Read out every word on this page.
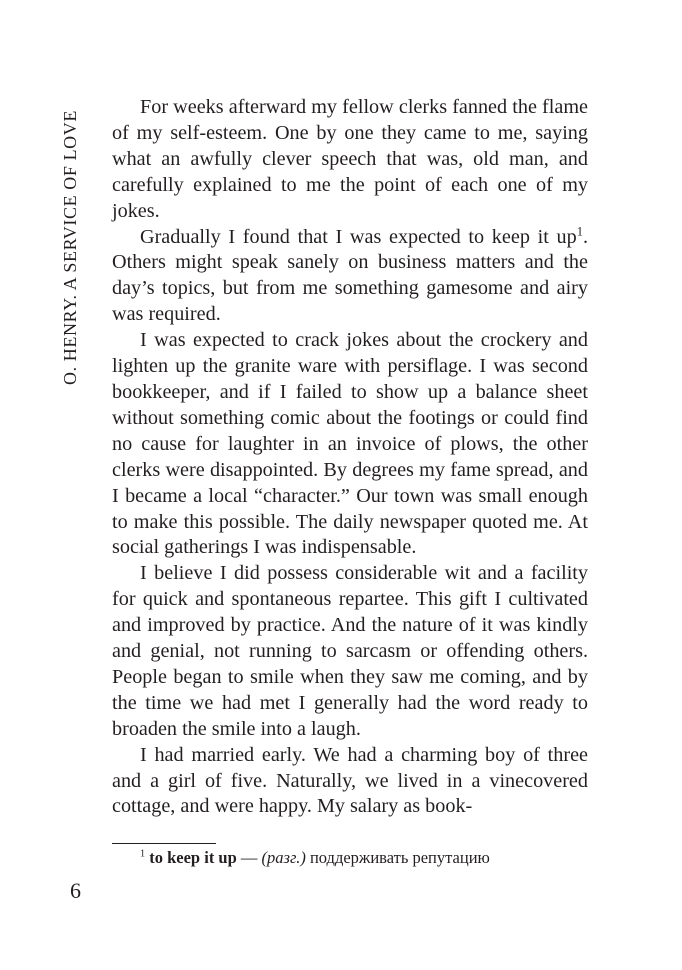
O. HENRY. A SERVICE OF LOVE

For weeks afterward my fellow clerks fanned the flame of my self-esteem. One by one they came to me, saying what an awfully clever speech that was, old man, and carefully explained to me the point of each one of my jokes.

Gradually I found that I was expected to keep it $up^1$. Others might speak sanely on business matters and the day’s topics, but from me something gamesome and airy was required.

I was expected to crack jokes about the crockery and lighten up the granite ware with persiflage. I was second bookkeeper, and if I failed to show up a balance sheet without something comic about the footings or could find no cause for laughter in an invoice of plows, the other clerks were disappointed. By degrees my fame spread, and I became a local “character.” Our town was small enough to make this possible. The daily newspaper quoted me. At social gatherings I was indispensable.

I believe I did possess considerable wit and a facility for quick and spontaneous repartee. This gift I cultivated and improved by practice. And the nature of it was kindly and genial, not running to sarcasm or offending others. People began to smile when they saw me coming, and by the time we had met I generally had the word ready to broaden the smile into a laugh.

I had married early. We had a charming boy of three and a girl of five. Naturally, we lived in a vinecovered cottage, and were happy. My salary as book-

$^1$ to keep it up — (разг.) поддерживать репутацию
6
